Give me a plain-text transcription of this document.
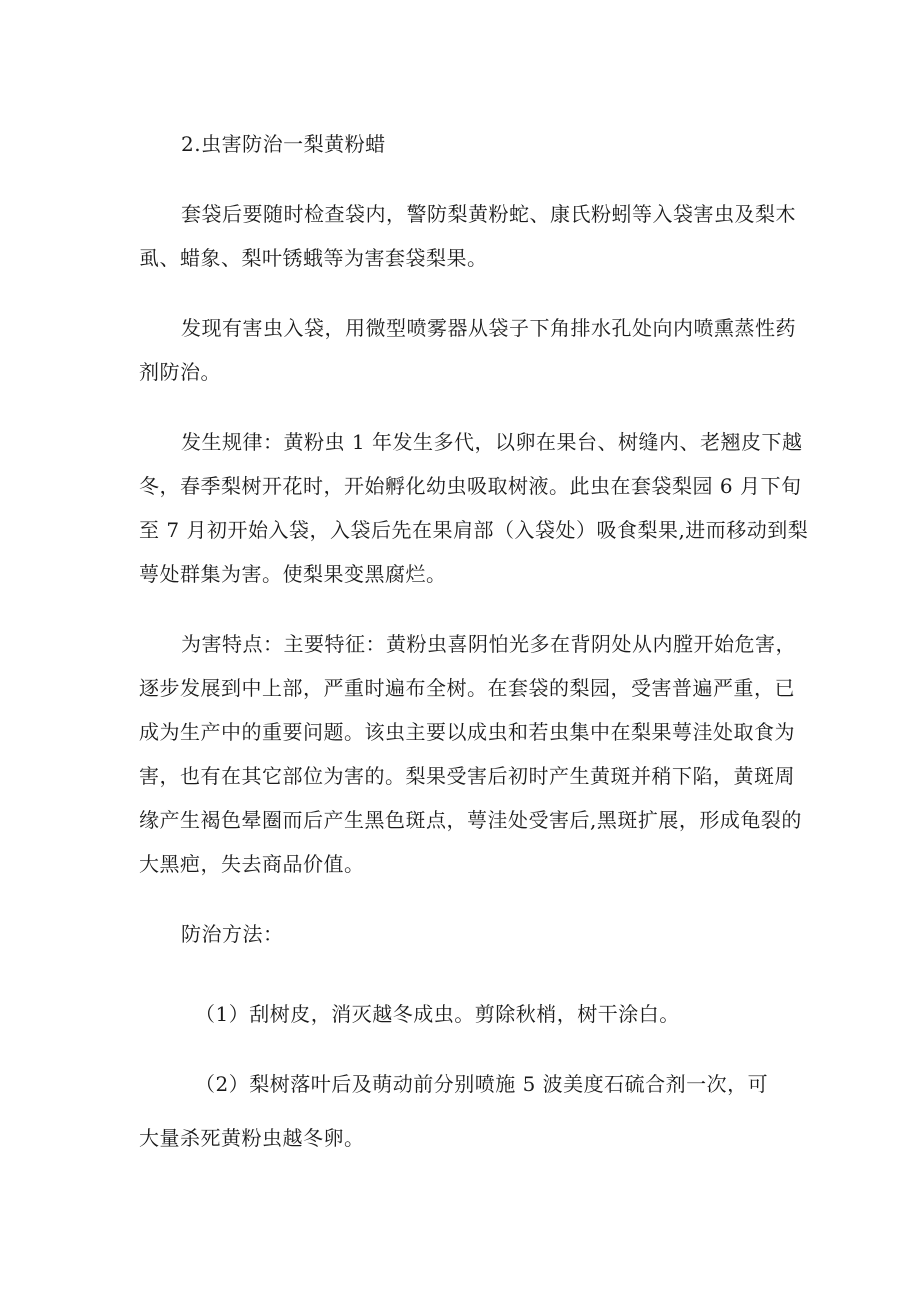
2.虫害防治一梨黄粉蜡
套袋后要随时检查袋内，警防梨黄粉蛇、康氏粉蚓等入袋害虫及梨木
虱、蜡象、梨叶锈蛾等为害套袋梨果。
发现有害虫入袋，用微型喷雾器从袋子下角排水孔处向内喷熏蒸性药
剂防治。
发生规律：黄粉虫 1 年发生多代，以卵在果台、树缝内、老翘皮下越
冬，春季梨树开花时，开始孵化幼虫吸取树液。此虫在套袋梨园 6 月下旬
至 7 月初开始入袋，入袋后先在果肩部（入袋处）吸食梨果,进而移动到梨
萼处群集为害。使梨果变黑腐烂。
为害特点：主要特征：黄粉虫喜阴怕光多在背阴处从内膛开始危害，
逐步发展到中上部，严重时遍布全树。在套袋的梨园，受害普遍严重，已
成为生产中的重要问题。该虫主要以成虫和若虫集中在梨果萼洼处取食为
害，也有在其它部位为害的。梨果受害后初时产生黄斑并稍下陷，黄斑周
缘产生褐色晕圈而后产生黑色斑点，萼洼处受害后,黑斑扩展，形成龟裂的
大黑疤，失去商品价值。
防治方法：
（1）刮树皮，消灭越冬成虫。剪除秋梢，树干涂白。
（2）梨树落叶后及萌动前分别喷施 5 波美度石硫合剂一次，可
大量杀死黄粉虫越冬卵。
